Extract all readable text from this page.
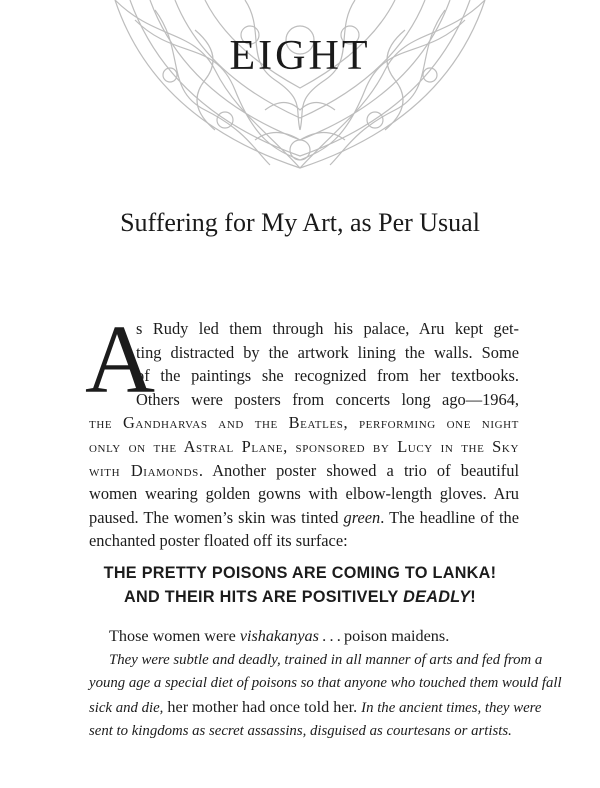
EIGHT
Suffering for My Art, as Per Usual
A
s Rudy led them through his palace, Aru kept get-
ting distracted by the artwork lining the walls. Some
of the paintings she recognized from her textbooks.
Others were posters from concerts long ago—1964,
the Gandharvas and the Beatles, performing one night
only on the Astral Plane, sponsored by Lucy in the Sky
with Diamonds. Another poster showed a trio of beautiful
women wearing golden gowns with elbow-length gloves. Aru
paused. The women’s skin was tinted green. The headline of the
enchanted poster floated off its surface:
THE PRETTY POISONS ARE COMING TO LANKA!
AND THEIR HITS ARE POSITIVELY DEADLY!
Those women were vishakanyas . . . poison maidens.
They were subtle and deadly, trained in all manner of arts and fed from a
young age a special diet of poisons so that anyone who touched them would fall
sick and die, her mother had once told her. In the ancient times, they were
sent to kingdoms as secret assassins, disguised as courtesans or artists.
